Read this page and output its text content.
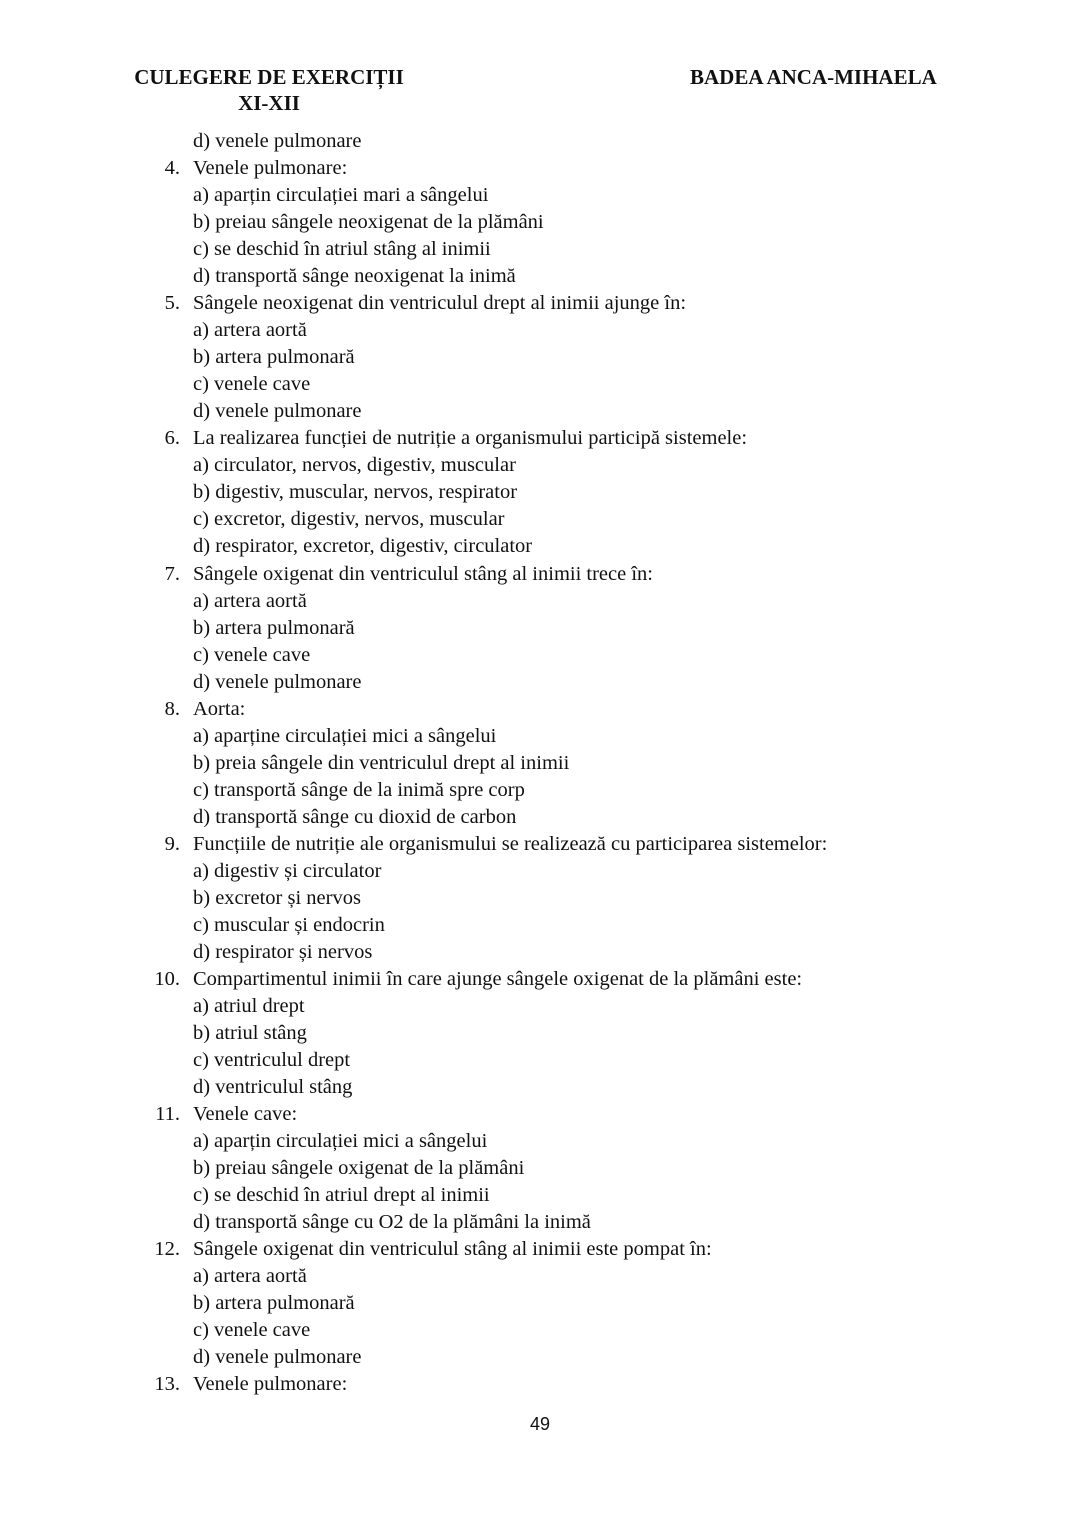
CULEGERE DE EXERCIȚII
XI-XII
BADEA ANCA-MIHAELA
d) venele pulmonare
4. Venele pulmonare:
a) aparțin circulației mari a sângelui
b) preiau sângele neoxigenat de la plămâni
c) se deschid în atriul stâng al inimii
d) transportă sânge neoxigenat la inimă
5. Sângele neoxigenat din ventriculul drept al inimii ajunge în:
a) artera aortă
b) artera pulmonară
c) venele cave
d) venele pulmonare
6. La realizarea funcției de nutriție a organismului participă sistemele:
a) circulator, nervos, digestiv, muscular
b) digestiv, muscular, nervos, respirator
c) excretor, digestiv, nervos, muscular
d) respirator, excretor, digestiv, circulator
7. Sângele oxigenat din ventriculul stâng al inimii trece în:
a) artera aortă
b) artera pulmonară
c) venele cave
d) venele pulmonare
8. Aorta:
a) aparține circulației mici a sângelui
b) preia sângele din ventriculul drept al inimii
c) transportă sânge de la inimă spre corp
d) transportă sânge cu dioxid de carbon
9. Funcțiile de nutriție ale organismului se realizează cu participarea sistemelor:
a) digestiv și circulator
b) excretor și nervos
c) muscular și endocrin
d) respirator și nervos
10. Compartimentul inimii în care ajunge sângele oxigenat de la plămâni este:
a) atriul drept
b) atriul stâng
c) ventriculul drept
d) ventriculul stâng
11. Venele cave:
a) aparțin circulației mici a sângelui
b) preiau sângele oxigenat de la plămâni
c) se deschid în atriul drept al inimii
d) transportă sânge cu O2 de la plămâni la inimă
12. Sângele oxigenat din ventriculul stâng al inimii este pompat în:
a) artera aortă
b) artera pulmonară
c) venele cave
d) venele pulmonare
13. Venele pulmonare:
49
